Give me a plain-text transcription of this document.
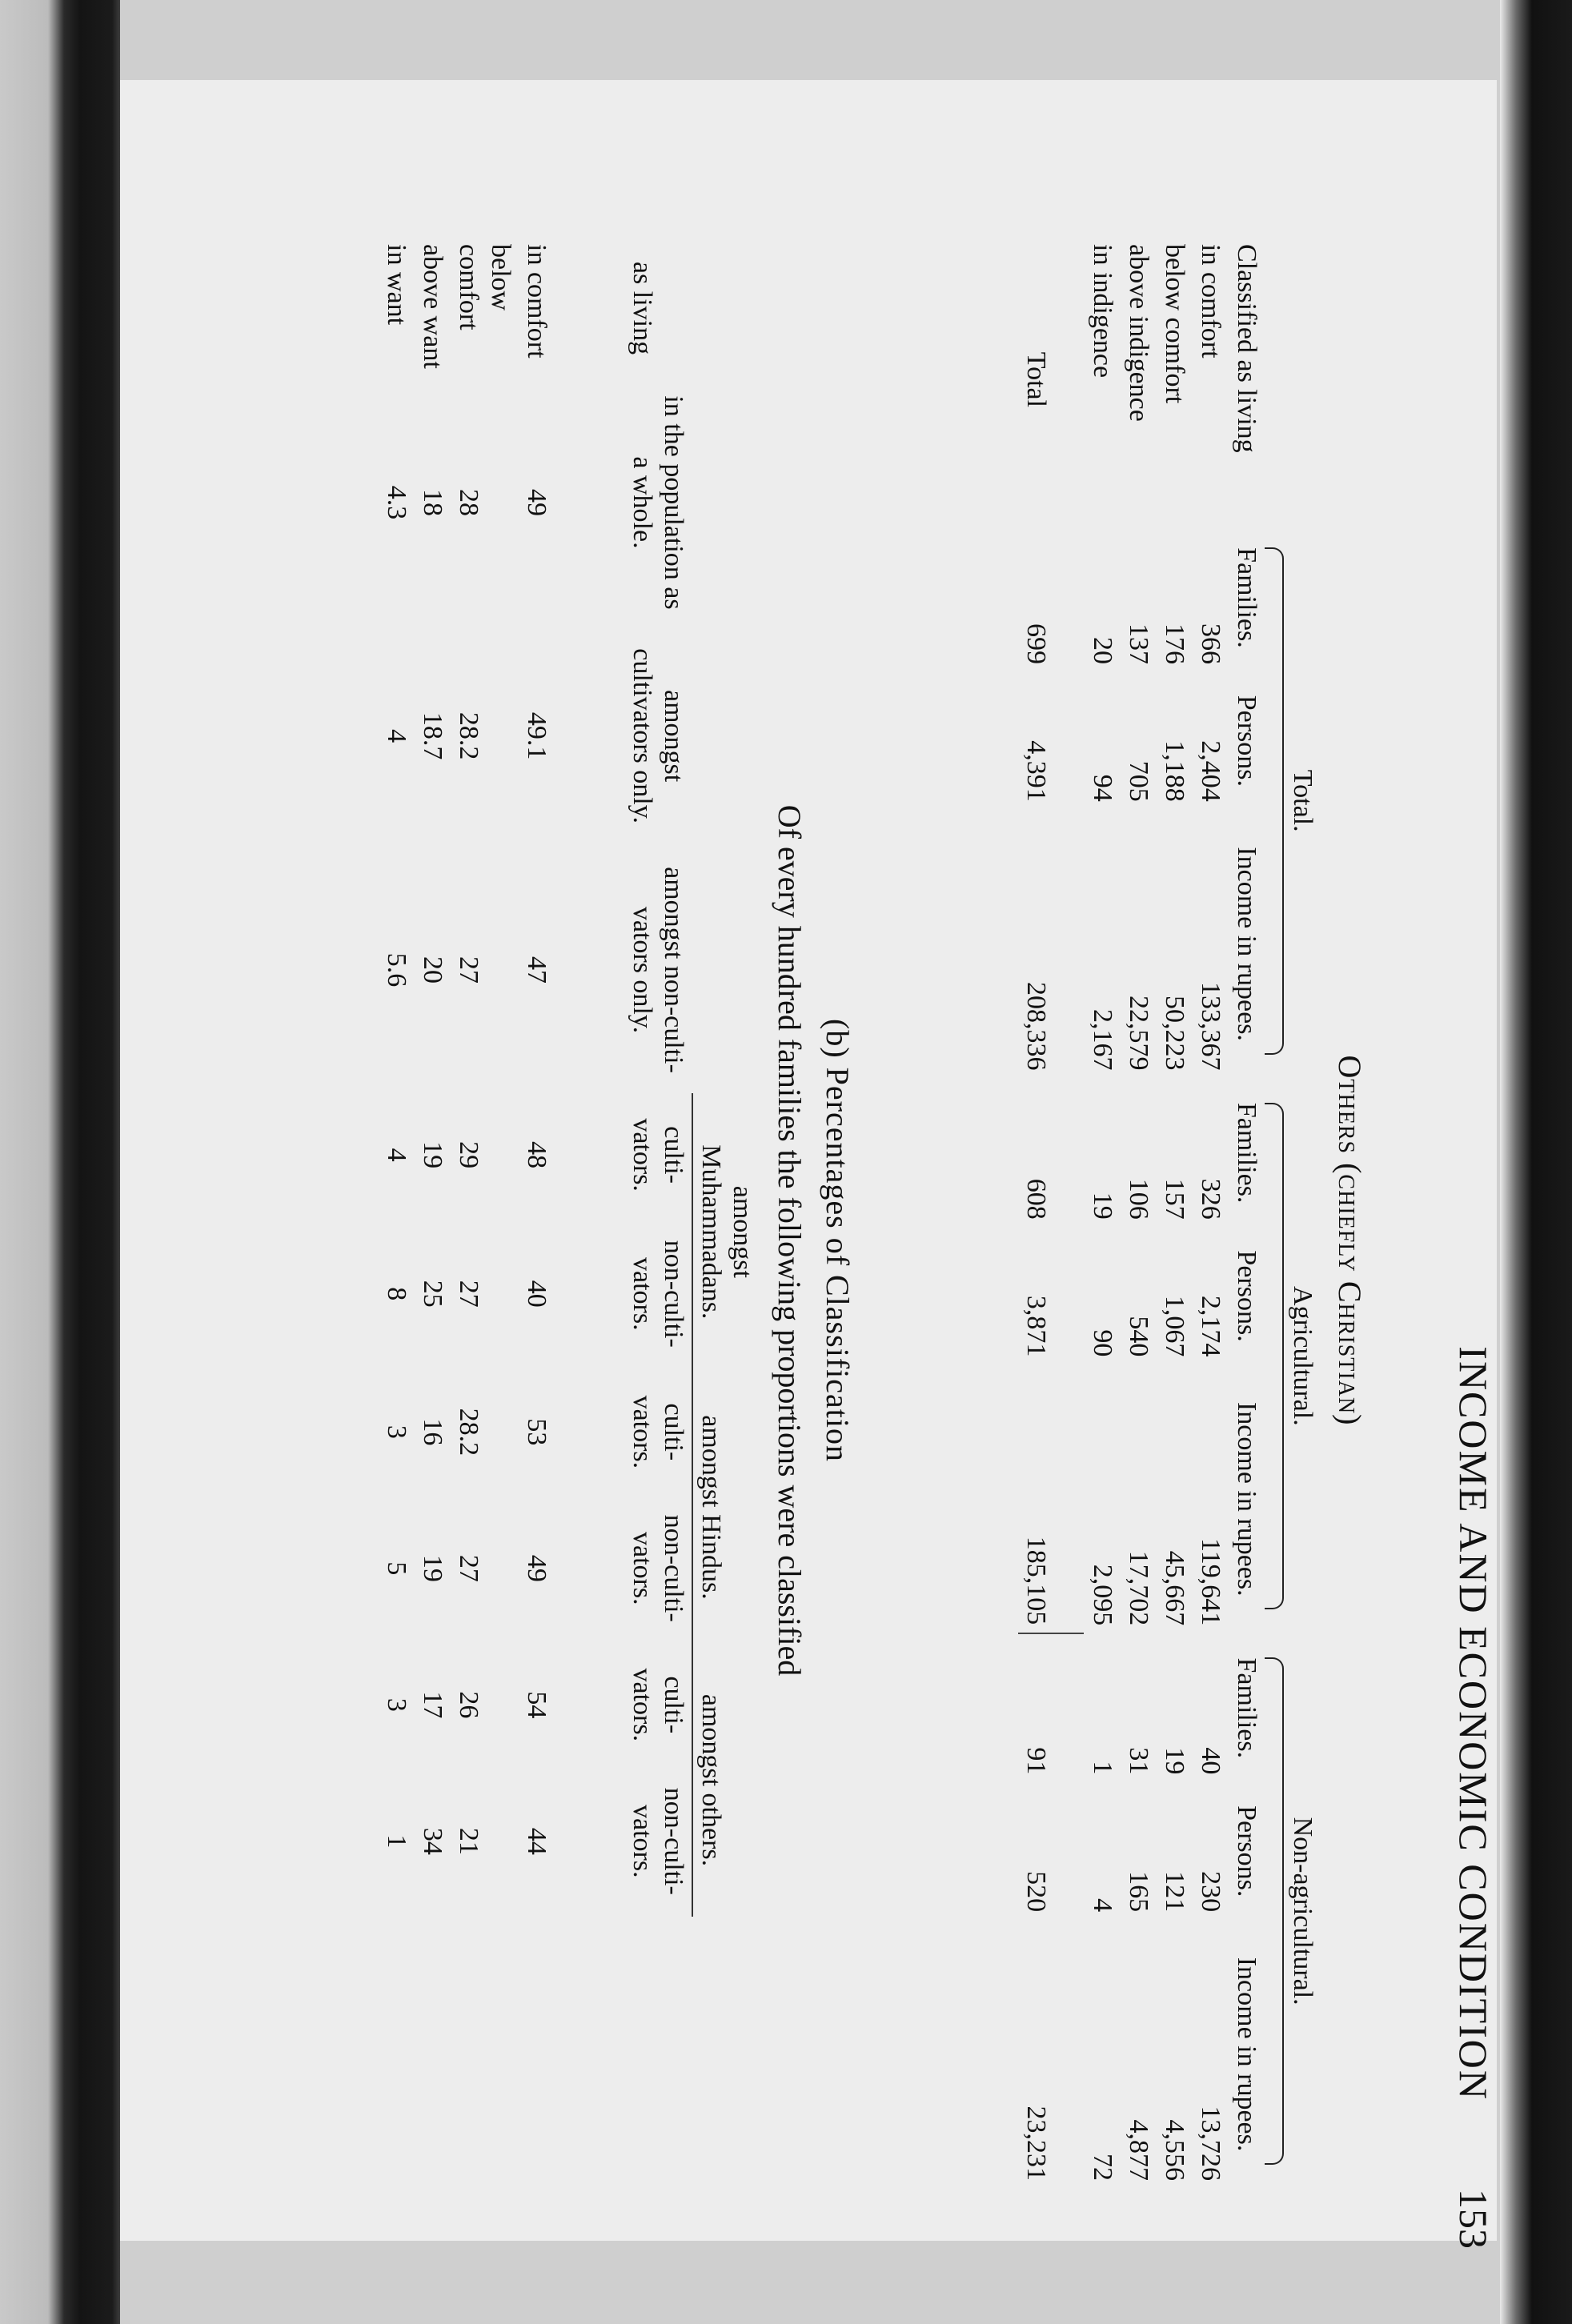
INCOME AND ECONOMIC CONDITION
153
Others (chiefly Christian)
Classified as living	Total.			Agricultural.			Non-agricultural.		

	Families.	Persons.	Income in rupees.	Families.	Persons.	Income in rupees.	Families.	Persons.	Income in rupees.
in comfort	366	2,404	133,367	326	2,174	119,641	40	230	13,726
below comfort	176	1,188	50,223	157	1,067	45,667	19	121	4,556
above indigence	137	705	22,579	106	540	17,702	31	165	4,877
in indigence	20	94	2,167	19	90	2,095	1	4	72
Total	699	4,391	208,336	608	3,871	185,105	91	520	23,231
(b) Percentages of Classification
Of every hundred families the following proportions were classified
as living	in the population as a whole.	amongst cultivators only.	amongst non-culti-vators only.	amongst Muhammadans.		amongst Hindus.		amongst others.	
				culti-vators.	non-culti-vators.	culti-vators.	non-culti-vators.	culti-vators.	non-culti-vators.
in comfort	49	49.1	47	48	40	53	49	54	44
below comfort	28	28.2	27	29	27	28.2	27	26	21
above want	18	18.7	20	19	25	16	19	17	34
in want	4.3	4	5.6	4	8	3	5	3	1
